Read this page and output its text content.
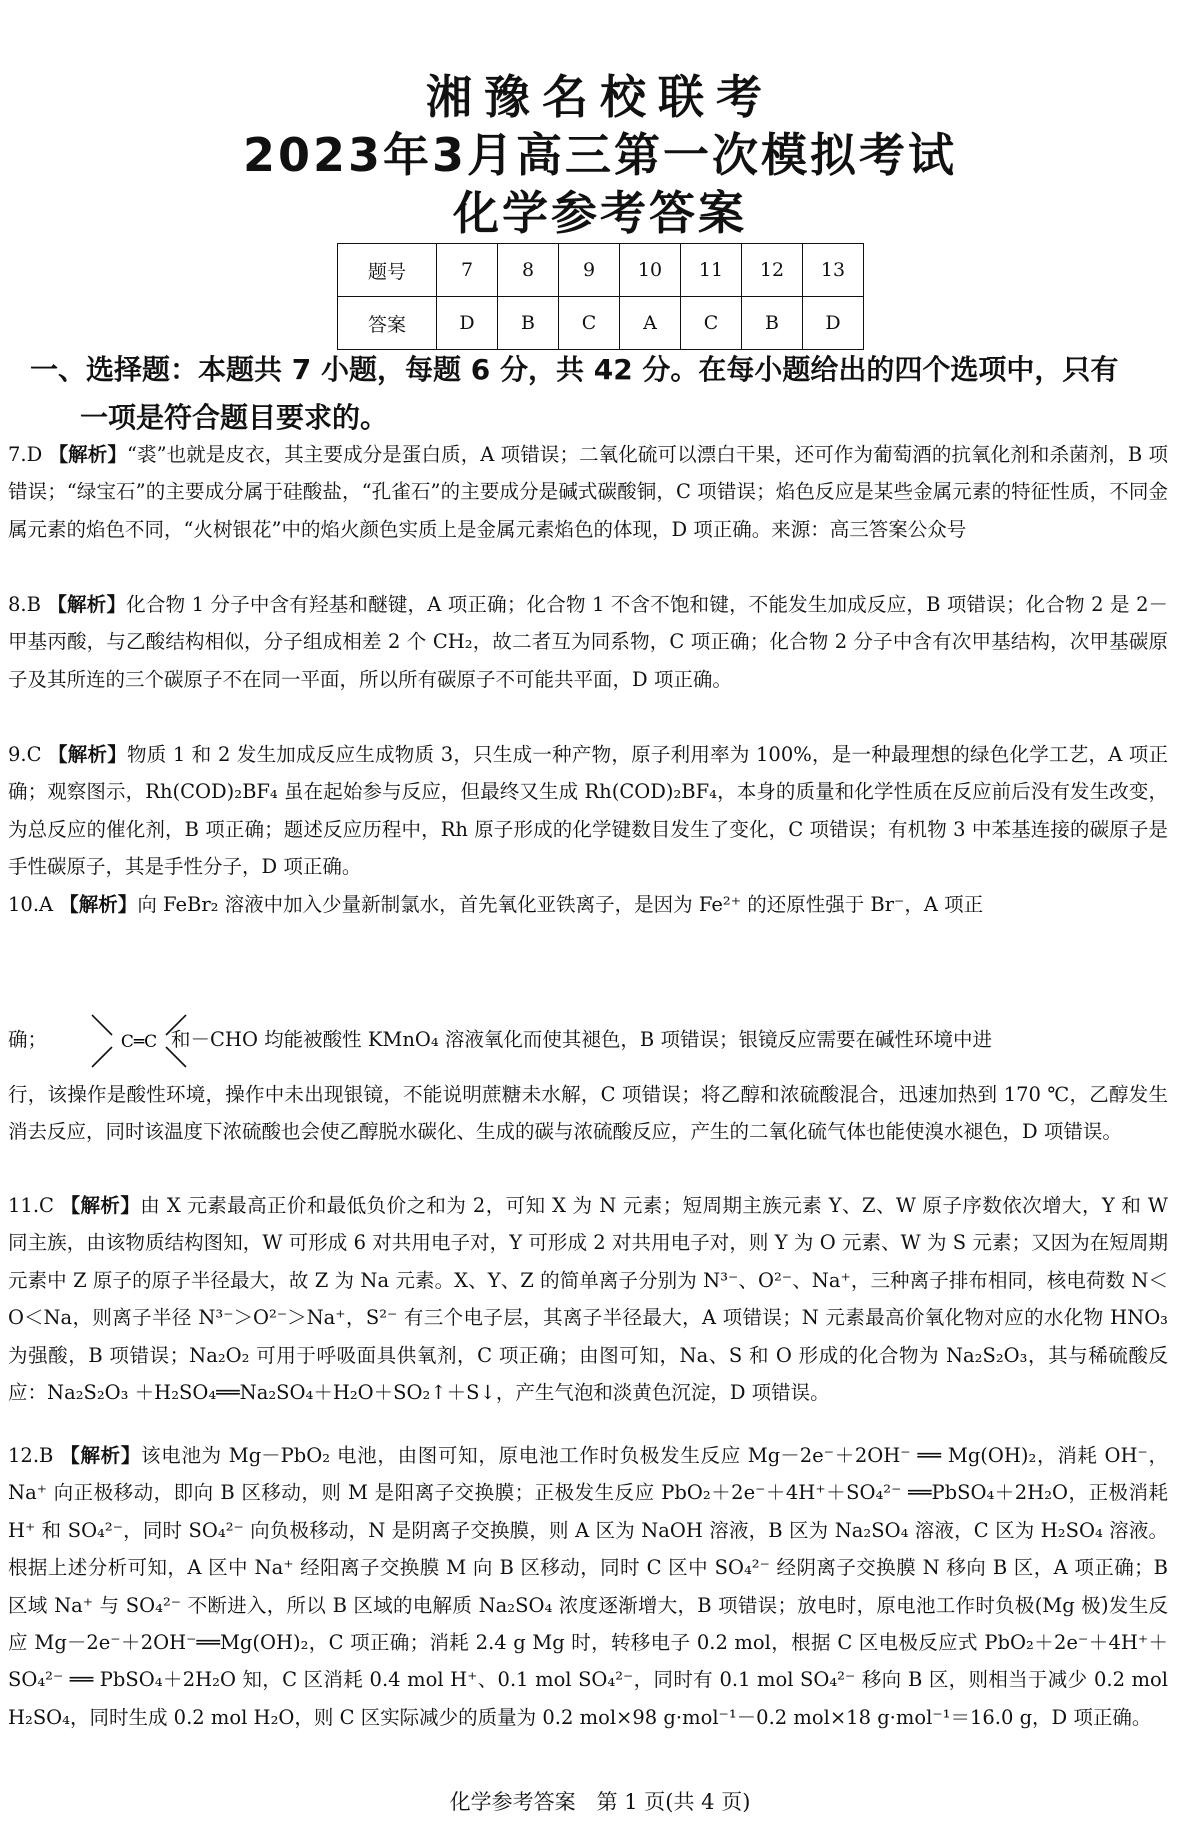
湘豫名校联考
2023年3月高三第一次模拟考试
化学参考答案
题号	7	8	9	10	11	12	13
答案	D	B	C	A	C	B	D
一、选择题：本题共 7 小题，每题 6 分，共 42 分。在每小题给出的四个选项中，只有
一项是符合题目要求的。
7.D 【解析】“裘”也就是皮衣，其主要成分是蛋白质，A 项错误；二氧化硫可以漂白干果，还可作为葡萄酒的抗氧化剂和杀菌剂，B 项错误；“绿宝石”的主要成分属于硅酸盐，“孔雀石”的主要成分是碱式碳酸铜，C 项错误；焰色反应是某些金属元素的特征性质，不同金属元素的焰色不同，“火树银花”中的焰火颜色实质上是金属元素焰色的体现，D 项正确。来源：高三答案公众号
8.B 【解析】化合物 1 分子中含有羟基和醚键，A 项正确；化合物 1 不含不饱和键，不能发生加成反应，B 项错误；化合物 2 是 2－甲基丙酸，与乙酸结构相似，分子组成相差 2 个 CH₂，故二者互为同系物，C 项正确；化合物 2 分子中含有次甲基结构，次甲基碳原子及其所连的三个碳原子不在同一平面，所以所有碳原子不可能共平面，D 项正确。
9.C 【解析】物质 1 和 2 发生加成反应生成物质 3，只生成一种产物，原子利用率为 100%，是一种最理想的绿色化学工艺，A 项正确；观察图示，Rh(COD)₂BF₄ 虽在起始参与反应，但最终又生成 Rh(COD)₂BF₄，本身的质量和化学性质在反应前后没有发生改变，为总反应的催化剂，B 项正确；题述反应历程中，Rh 原子形成的化学键数目发生了变化，C 项错误；有机物 3 中苯基连接的碳原子是手性碳原子，其是手性分子，D 项正确。
10.A 【解析】向 FeBr₂ 溶液中加入少量新制氯水，首先氧化亚铁离子，是因为 Fe²⁺ 的还原性强于 Br⁻，A 项正
C═C
确；	和－CHO 均能被酸性 KMnO₄ 溶液氧化而使其褪色，B 项错误；银镜反应需要在碱性环境中进
行，该操作是酸性环境，操作中未出现银镜，不能说明蔗糖未水解，C 项错误；将乙醇和浓硫酸混合，迅速加热到 170 ℃，乙醇发生消去反应，同时该温度下浓硫酸也会使乙醇脱水碳化、生成的碳与浓硫酸反应，产生的二氧化硫气体也能使溴水褪色，D 项错误。
11.C 【解析】由 X 元素最高正价和最低负价之和为 2，可知 X 为 N 元素；短周期主族元素 Y、Z、W 原子序数依次增大，Y 和 W 同主族，由该物质结构图知，W 可形成 6 对共用电子对，Y 可形成 2 对共用电子对，则 Y 为 O 元素、W 为 S 元素；又因为在短周期元素中 Z 原子的原子半径最大，故 Z 为 Na 元素。X、Y、Z 的简单离子分别为 N³⁻、O²⁻、Na⁺，三种离子排布相同，核电荷数 N＜O＜Na，则离子半径 N³⁻＞O²⁻＞Na⁺，S²⁻ 有三个电子层，其离子半径最大，A 项错误；N 元素最高价氧化物对应的水化物 HNO₃ 为强酸，B 项错误；Na₂O₂ 可用于呼吸面具供氧剂，C 项正确；由图可知，Na、S 和 O 形成的化合物为 Na₂S₂O₃，其与稀硫酸反应：Na₂S₂O₃ ＋H₂SO₄══Na₂SO₄＋H₂O＋SO₂↑＋S↓，产生气泡和淡黄色沉淀，D 项错误。
12.B 【解析】该电池为 Mg－PbO₂ 电池，由图可知，原电池工作时负极发生反应 Mg－2e⁻＋2OH⁻ ══ Mg(OH)₂，消耗 OH⁻，Na⁺ 向正极移动，即向 B 区移动，则 M 是阳离子交换膜；正极发生反应 PbO₂＋2e⁻＋4H⁺＋SO₄²⁻ ══PbSO₄＋2H₂O，正极消耗 H⁺ 和 SO₄²⁻，同时 SO₄²⁻ 向负极移动，N 是阴离子交换膜，则 A 区为 NaOH 溶液，B 区为 Na₂SO₄ 溶液，C 区为 H₂SO₄ 溶液。根据上述分析可知，A 区中 Na⁺ 经阳离子交换膜 M 向 B 区移动，同时 C 区中 SO₄²⁻ 经阴离子交换膜 N 移向 B 区，A 项正确；B 区域 Na⁺ 与 SO₄²⁻ 不断进入，所以 B 区域的电解质 Na₂SO₄ 浓度逐渐增大，B 项错误；放电时，原电池工作时负极(Mg 极)发生反应 Mg－2e⁻＋2OH⁻══Mg(OH)₂，C 项正确；消耗 2.4 g Mg 时，转移电子 0.2 mol，根据 C 区电极反应式 PbO₂＋2e⁻＋4H⁺＋SO₄²⁻ ══ PbSO₄＋2H₂O 知，C 区消耗 0.4 mol H⁺、0.1 mol SO₄²⁻，同时有 0.1 mol SO₄²⁻ 移向 B 区，则相当于减少 0.2 mol H₂SO₄，同时生成 0.2 mol H₂O，则 C 区实际减少的质量为 0.2 mol×98 g·mol⁻¹－0.2 mol×18 g·mol⁻¹＝16.0 g，D 项正确。
化学参考答案　第 1 页(共 4 页)
